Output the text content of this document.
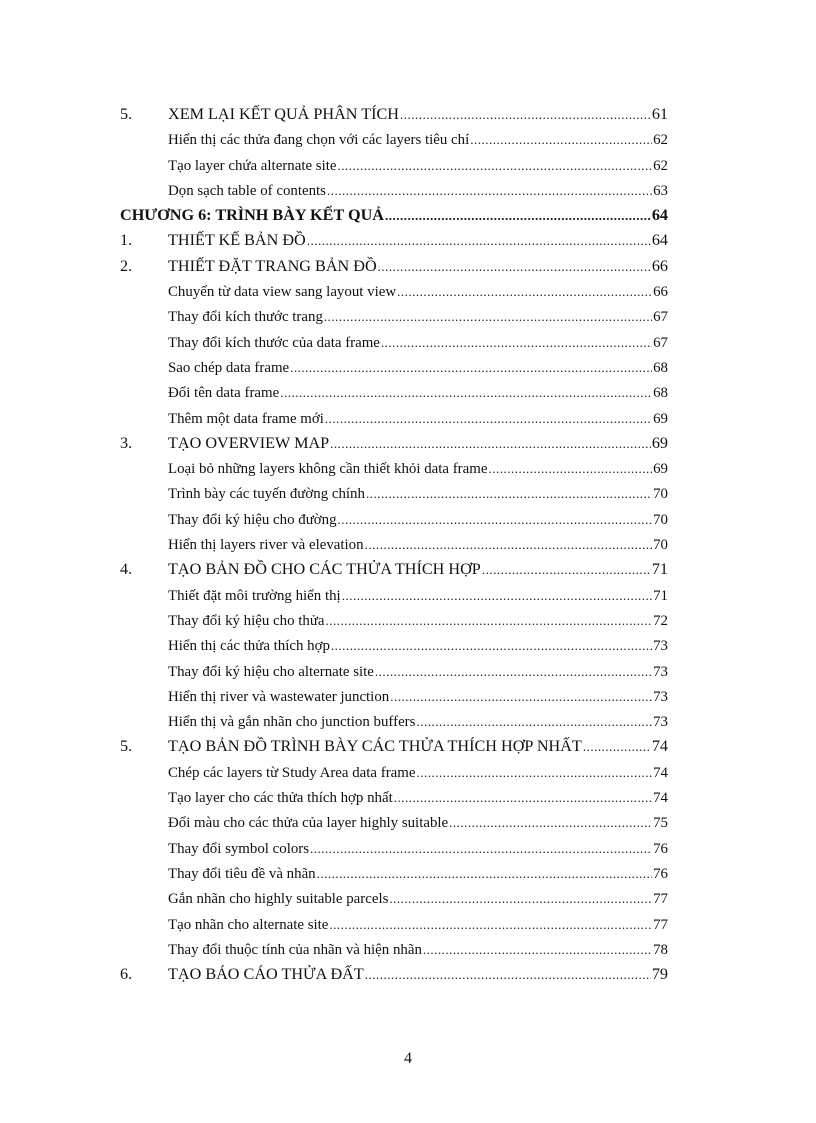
5.	XEM LẠI KẾT QUẢ PHÂN TÍCH .....	61
Hiển thị các thửa đang chọn với các layers tiêu chí .....	62
Tạo layer chứa alternate site .....	62
Dọn sạch table of contents .....	63
CHƯƠNG 6: TRÌNH BÀY KẾT QUẢ .....	64
1.	THIẾT KẾ BẢN ĐỒ .....	64
2.	THIẾT ĐẶT TRANG BẢN ĐỒ .....	66
Chuyển từ data view sang layout view .....	66
Thay đổi kích thước trang .....	67
Thay đổi kích thước của data frame .....	67
Sao chép data frame .....	68
Đổi tên data frame .....	68
Thêm một data frame mới .....	69
3.	TẠO OVERVIEW MAP .....	69
Loại bỏ những layers không cần thiết khỏi data frame .....	69
Trình bày các tuyến đường chính .....	70
Thay đổi ký hiệu cho đường .....	70
Hiển thị layers river và elevation .....	70
4.	TẠO BẢN ĐỒ CHO CÁC THỬA THÍCH HỢP .....	71
Thiết đặt môi trường hiển thị .....	71
Thay đổi ký hiệu cho thửa .....	72
Hiển thị các thửa thích hợp .....	73
Thay đổi ký hiệu cho alternate site .....	73
Hiển thị river và wastewater junction .....	73
Hiển thị và gắn nhãn cho junction buffers .....	73
5.	TẠO BẢN ĐỒ TRÌNH BÀY CÁC THỬA THÍCH HỢP NHẤT .....	74
Chép các layers từ Study Area data frame .....	74
Tạo layer cho các thửa thích hợp nhất .....	74
Đổi màu cho các thửa của layer highly suitable .....	75
Thay đổi symbol colors .....	76
Thay đổi tiêu đề và nhãn .....	76
Gắn nhãn cho highly suitable parcels .....	77
Tạo nhãn cho alternate site .....	77
Thay đổi thuộc tính của nhãn và hiện nhãn .....	78
6.	TẠO BÁO CÁO THỬA ĐẤT .....	79
4
